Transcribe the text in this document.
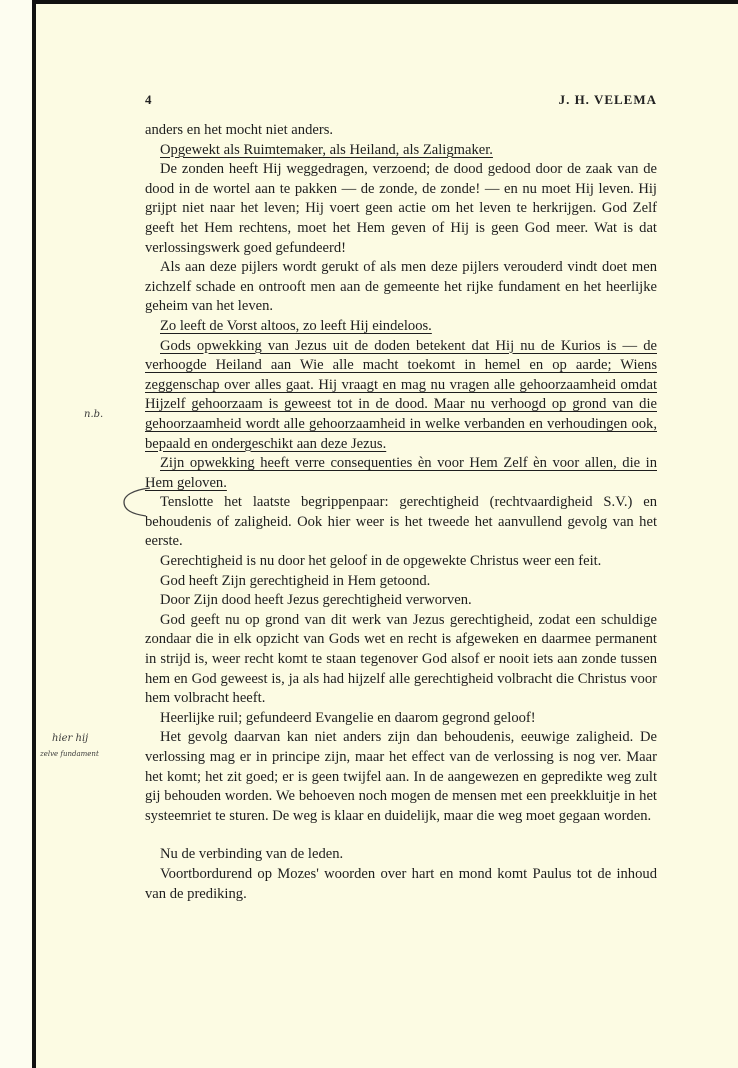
4	J. H. VELEMA

anders en het mocht niet anders.

Opgewekt als Ruimtemaker, als Heiland, als Zaligmaker.

De zonden heeft Hij weggedragen, verzoend; de dood gedood door de zaak van de dood in de wortel aan te pakken — de zonde, de zonde! — en nu moet Hij leven. Hij grijpt niet naar het leven; Hij voert geen actie om het leven te herkrijgen. God Zelf geeft het Hem rechtens, moet het Hem geven of Hij is geen God meer. Wat is dat verlossingswerk goed gefundeerd!

Als aan deze pijlers wordt gerukt of als men deze pijlers verouderd vindt doet men zichzelf schade en ontrooft men aan de gemeente het rijke fundament en het heerlijke geheim van het leven.

Zo leeft de Vorst altoos, zo leeft Hij eindeloos.

Gods opwekking van Jezus uit de doden betekent dat Hij nu de Kurios is — de verhoogde Heiland aan Wie alle macht toekomt in hemel en op aarde; Wiens zeggenschap over alles gaat. Hij vraagt en mag nu vragen alle gehoorzaamheid omdat Hijzelf gehoorzaam is geweest tot in de dood. Maar nu verhoogd op grond van die gehoorzaamheid wordt alle gehoorzaamheid in welke verbanden en verhoudingen ook, bepaald en ondergeschikt aan deze Jezus.

Zijn opwekking heeft verre consequenties èn voor Hem Zelf èn voor allen, die in Hem geloven.

Tenslotte het laatste begrippenpaar: gerechtigheid (rechtvaardigheid S.V.) en behoudenis of zaligheid. Ook hier weer is het tweede het aanvullend gevolg van het eerste.

Gerechtigheid is nu door het geloof in de opgewekte Christus weer een feit.

God heeft Zijn gerechtigheid in Hem getoond.

Door Zijn dood heeft Jezus gerechtigheid verworven.

God geeft nu op grond van dit werk van Jezus gerechtigheid, zodat een schuldige zondaar die in elk opzicht van Gods wet en recht is afgeweken en daarmee permanent in strijd is, weer recht komt te staan tegenover God alsof er nooit iets aan zonde tussen hem en God geweest is, ja als had hijzelf alle gerechtigheid volbracht die Christus voor hem volbracht heeft.

Heerlijke ruil; gefundeerd Evangelie en daarom gegrond geloof!

Het gevolg daarvan kan niet anders zijn dan behoudenis, eeuwige zaligheid. De verlossing mag er in principe zijn, maar het effect van de verlossing is nog ver. Maar het komt; het zit goed; er is geen twijfel aan. In de aangewezen en gepredikte weg zult gij behouden worden. We behoeven noch mogen de mensen met een preekkluitje in het systeemriet te sturen. De weg is klaar en duidelijk, maar die weg moet gegaan worden.

Nu de verbinding van de leden.

Voortbordurend op Mozes' woorden over hart en mond komt Paulus tot de inhoud van de prediking.

n.b.
hier hij
zelve fundament
